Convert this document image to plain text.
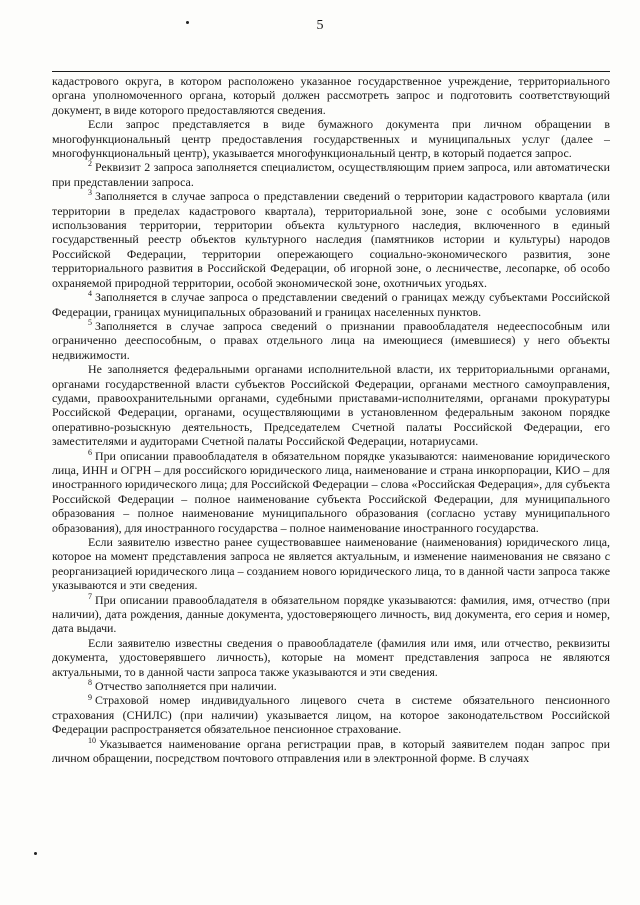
5

кадастрового округа, в котором расположено указанное государственное учреждение, территориального органа уполномоченного органа, который должен рассмотреть запрос и подготовить соответствующий документ, в виде которого предоставляются сведения.

Если запрос представляется в виде бумажного документа при личном обращении в многофункциональный центр предоставления государственных и муниципальных услуг (далее – многофункциональный центр), указывается многофункциональный центр, в который подается запрос.

$^2$ Реквизит 2 запроса заполняется специалистом, осуществляющим прием запроса, или автоматически при представлении запроса.

$^3$ Заполняется в случае запроса о представлении сведений о территории кадастрового квартала (или территории в пределах кадастрового квартала), территориальной зоне, зоне с особыми условиями использования территории, территории объекта культурного наследия, включенного в единый государственный реестр объектов культурного наследия (памятников истории и культуры) народов Российской Федерации, территории опережающего социально-экономического развития, зоне территориального развития в Российской Федерации, об игорной зоне, о лесничестве, лесопарке, об особо охраняемой природной территории, особой экономической зоне, охотничьих угодьях.

$^4$ Заполняется в случае запроса о представлении сведений о границах между субъектами Российской Федерации, границах муниципальных образований и границах населенных пунктов.

$^5$ Заполняется в случае запроса сведений о признании правообладателя недееспособным или ограниченно дееспособным, о правах отдельного лица на имеющиеся (имевшиеся) у него объекты недвижимости.

Не заполняется федеральными органами исполнительной власти, их территориальными органами, органами государственной власти субъектов Российской Федерации, органами местного самоуправления, судами, правоохранительными органами, судебными приставами-исполнителями, органами прокуратуры Российской Федерации, органами, осуществляющими в установленном федеральным законом порядке оперативно-розыскную деятельность, Председателем Счетной палаты Российской Федерации, его заместителями и аудиторами Счетной палаты Российской Федерации, нотариусами.

$^6$ При описании правообладателя в обязательном порядке указываются: наименование юридического лица, ИНН и ОГРН – для российского юридического лица, наименование и страна инкорпорации, КИО – для иностранного юридического лица; для Российской Федерации – слова «Российская Федерация», для субъекта Российской Федерации – полное наименование субъекта Российской Федерации, для муниципального образования – полное наименование муниципального образования (согласно уставу муниципального образования), для иностранного государства – полное наименование иностранного государства.

Если заявителю известно ранее существовавшее наименование (наименования) юридического лица, которое на момент представления запроса не является актуальным, и изменение наименования не связано с реорганизацией юридического лица – созданием нового юридического лица, то в данной части запроса также указываются и эти сведения.

$^7$ При описании правообладателя в обязательном порядке указываются: фамилия, имя, отчество (при наличии), дата рождения, данные документа, удостоверяющего личность, вид документа, его серия и номер, дата выдачи.

Если заявителю известны сведения о правообладателе (фамилия или имя, или отчество, реквизиты документа, удостоверявшего личность), которые на момент представления запроса не являются актуальными, то в данной части запроса также указываются и эти сведения.

$^8$ Отчество заполняется при наличии.

$^9$ Страховой номер индивидуального лицевого счета в системе обязательного пенсионного страхования (СНИЛС) (при наличии) указывается лицом, на которое законодательством Российской Федерации распространяется обязательное пенсионное страхование.

$^{10}$ Указывается наименование органа регистрации прав, в который заявителем подан запрос при личном обращении, посредством почтового отправления или в электронной форме. В случаях
